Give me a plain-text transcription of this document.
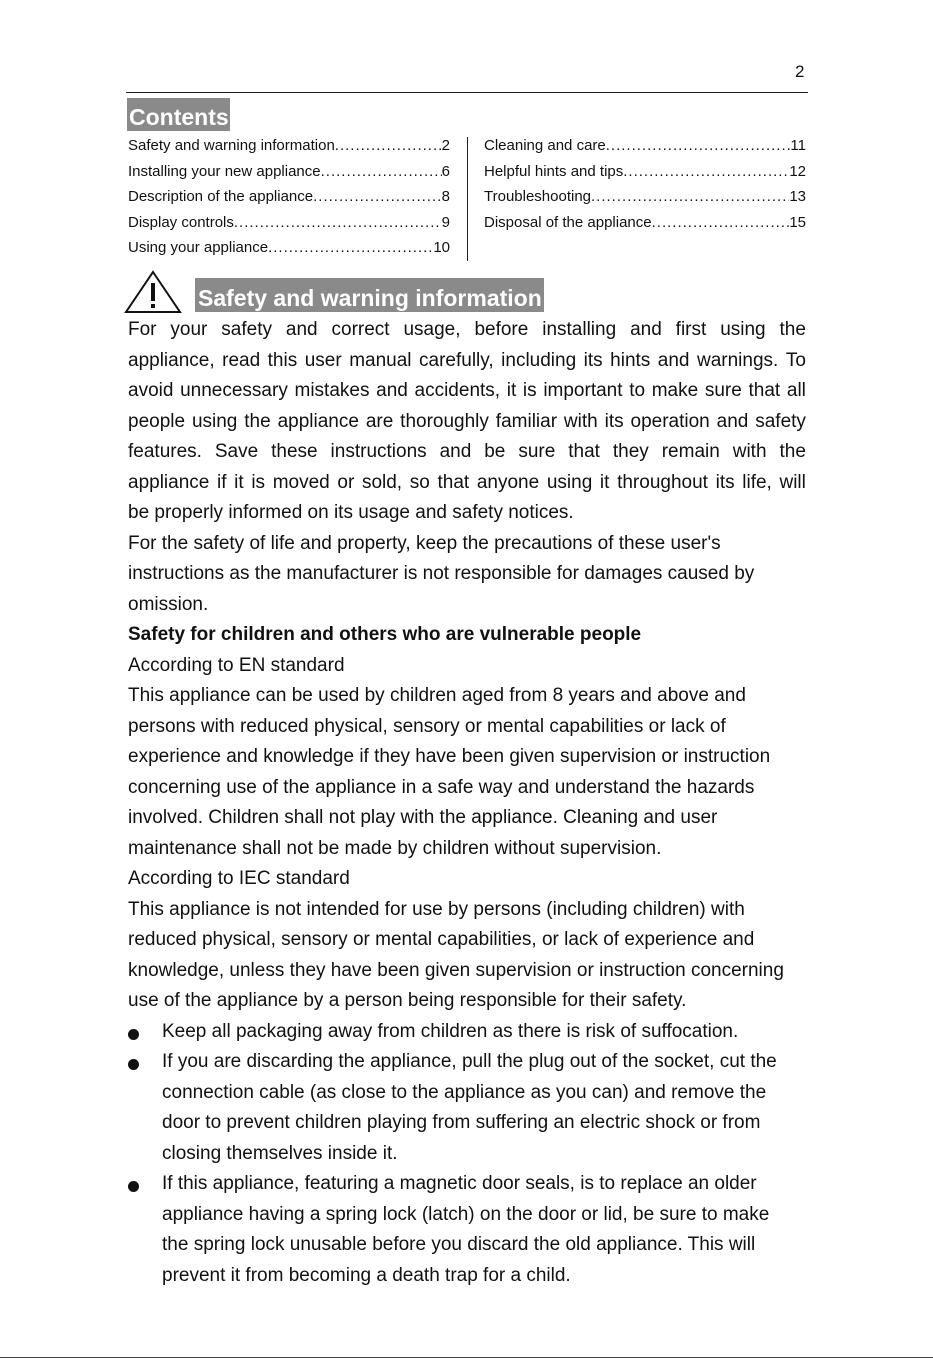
2
Contents
Safety and warning information .....	2
Installing your new appliance .....	6
Description of the appliance .....	8
Display controls .....	9
Using your appliance .....	10
Cleaning and care .....	11
Helpful hints and tips .....	12
Troubleshooting .....	13
Disposal of the appliance .....	15
Safety and warning information
For your safety and correct usage, before installing and first using the
appliance, read this user manual carefully, including its hints and warnings. To
avoid unnecessary mistakes and accidents, it is important to make sure that all
people using the appliance are thoroughly familiar with its operation and safety
features. Save these instructions and be sure that they remain with the
appliance if it is moved or sold, so that anyone using it throughout its life, will
be properly informed on its usage and safety notices.
For the safety of life and property, keep the precautions of these user's
instructions as the manufacturer is not responsible for damages caused by
omission.
Safety for children and others who are vulnerable people
According to EN standard
This appliance can be used by children aged from 8 years and above and
persons with reduced physical, sensory or mental capabilities or lack of
experience and knowledge if they have been given supervision or instruction
concerning use of the appliance in a safe way and understand the hazards
involved. Children shall not play with the appliance. Cleaning and user
maintenance shall not be made by children without supervision.
According to IEC standard
This appliance is not intended for use by persons (including children) with
reduced physical, sensory or mental capabilities, or lack of experience and
knowledge, unless they have been given supervision or instruction concerning
use of the appliance by a person being responsible for their safety.
Keep all packaging away from children as there is risk of suffocation.
If you are discarding the appliance, pull the plug out of the socket, cut the
connection cable (as close to the appliance as you can) and remove the
door to prevent children playing from suffering an electric shock or from
closing themselves inside it.
If this appliance, featuring a magnetic door seals, is to replace an older
appliance having a spring lock (latch) on the door or lid, be sure to make
the spring lock unusable before you discard the old appliance. This will
prevent it from becoming a death trap for a child.
